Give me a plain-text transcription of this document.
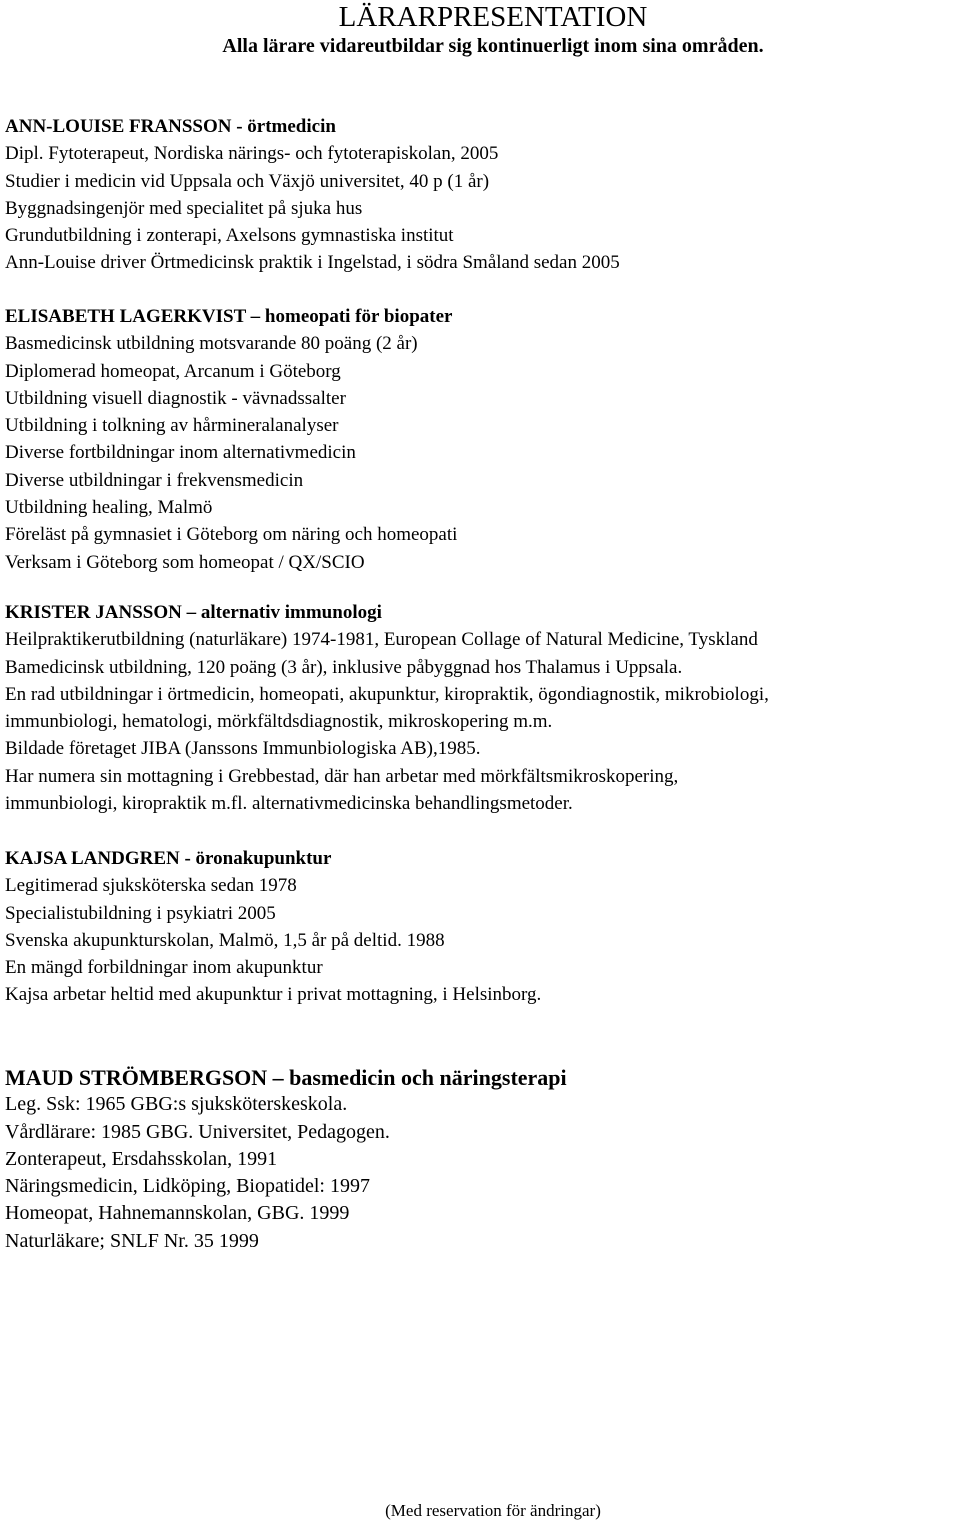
LÄRARPRESENTATION
Alla lärare vidareutbildar sig kontinuerligt inom sina områden.
ANN-LOUISE FRANSSON - örtmedicin
Dipl. Fytoterapeut, Nordiska närings- och fytoterapiskolan, 2005
Studier i medicin vid Uppsala och Växjö universitet, 40 p (1 år)
Byggnadsingenjör med specialitet på sjuka hus
Grundutbildning i zonterapi, Axelsons gymnastiska institut
Ann-Louise driver Örtmedicinsk praktik i Ingelstad, i södra Småland sedan 2005
ELISABETH LAGERKVIST – homeopati för biopater
Basmedicinsk utbildning motsvarande 80 poäng (2 år)
Diplomerad homeopat, Arcanum i Göteborg
Utbildning visuell diagnostik - vävnadssalter
Utbildning i tolkning av hårmineralanalyser
Diverse fortbildningar inom alternativmedicin
Diverse utbildningar i frekvensmedicin
Utbildning healing, Malmö
Föreläst på gymnasiet i Göteborg om näring och homeopati
Verksam i Göteborg som homeopat / QX/SCIO
KRISTER JANSSON – alternativ immunologi
Heilpraktikerutbildning (naturläkare) 1974-1981, European Collage of Natural Medicine, Tyskland
Bamedicinsk utbildning, 120 poäng (3 år), inklusive påbyggnad hos Thalamus i Uppsala.
En rad utbildningar i örtmedicin, homeopati, akupunktur, kiropraktik, ögondiagnostik, mikrobiologi,
immunbiologi, hematologi, mörkfältdsdiagnostik, mikroskopering m.m.
Bildade företaget JIBA (Janssons Immunbiologiska AB),1985.
Har numera sin mottagning i Grebbestad, där han arbetar med mörkfältsmikroskopering,
immunbiologi, kiropraktik m.fl. alternativmedicinska behandlingsmetoder.
KAJSA LANDGREN - öronakupunktur
Legitimerad sjuksköterska sedan 1978
Specialistubildning i psykiatri 2005
Svenska akupunkturskolan, Malmö, 1,5 år på deltid. 1988
En mängd forbildningar inom akupunktur
Kajsa arbetar heltid med akupunktur i privat mottagning, i Helsinborg.
MAUD STRÖMBERGSON – basmedicin och näringsterapi
Leg. Ssk: 1965 GBG:s sjuksköterskeskola.
Vårdlärare: 1985 GBG. Universitet, Pedagogen.
Zonterapeut, Ersdahsskolan, 1991
Näringsmedicin, Lidköping, Biopatidel: 1997
Homeopat, Hahnemannskolan, GBG. 1999
Naturläkare; SNLF Nr. 35 1999
(Med reservation för ändringar)
